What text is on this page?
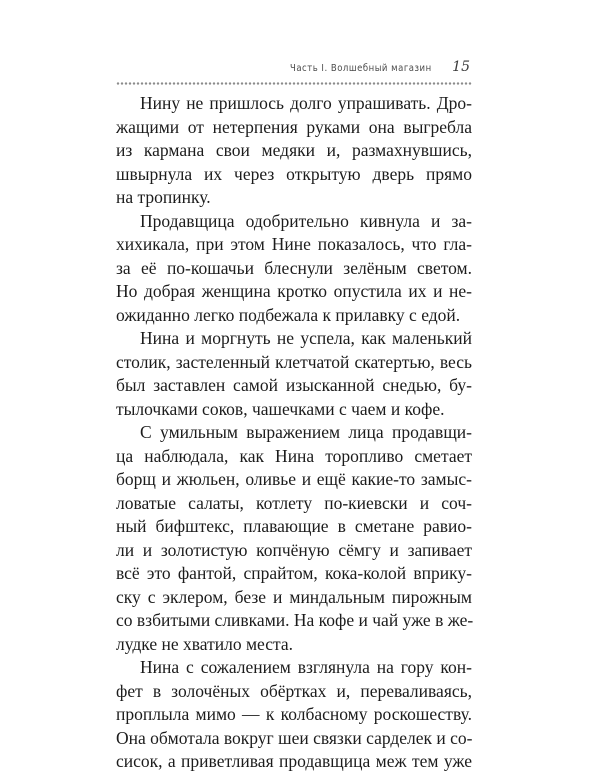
Часть I. Волшебный магазин 15
Нину не пришлось долго упрашивать. Дро-
жащими от нетерпения руками она выгребла
из кармана свои медяки и, размахнувшись,
швырнула их через открытую дверь прямо
на тропинку.
Продавщица одобрительно кивнула и за-
хихикала, при этом Нине показалось, что гла-
за её по-кошачьи блеснули зелёным светом.
Но добрая женщина кротко опустила их и не-
ожиданно легко подбежала к прилавку с едой.
Нина и моргнуть не успела, как маленький
столик, застеленный клетчатой скатертью, весь
был заставлен самой изысканной снедью, бу-
тылочками соков, чашечками с чаем и кофе.
С умильным выражением лица продавщи-
ца наблюдала, как Нина торопливо сметает
борщ и жюльен, оливье и ещё какие-то замыс-
ловатые салаты, котлету по-киевски и соч-
ный бифштекс, плавающие в сметане равио-
ли и золотистую копчёную сёмгу и запивает
всё это фантой, спрайтом, кока-колой вприку-
ску с эклером, безе и миндальным пирожным
со взбитыми сливками. На кофе и чай уже в же-
лудке не хватило места.
Нина с сожалением взглянула на гору кон-
фет в золочёных обёртках и, переваливаясь,
проплыла мимо — к колбасному роскошеству.
Она обмотала вокруг шеи связки сарделек и со-
сисок, а приветливая продавщица меж тем уже
